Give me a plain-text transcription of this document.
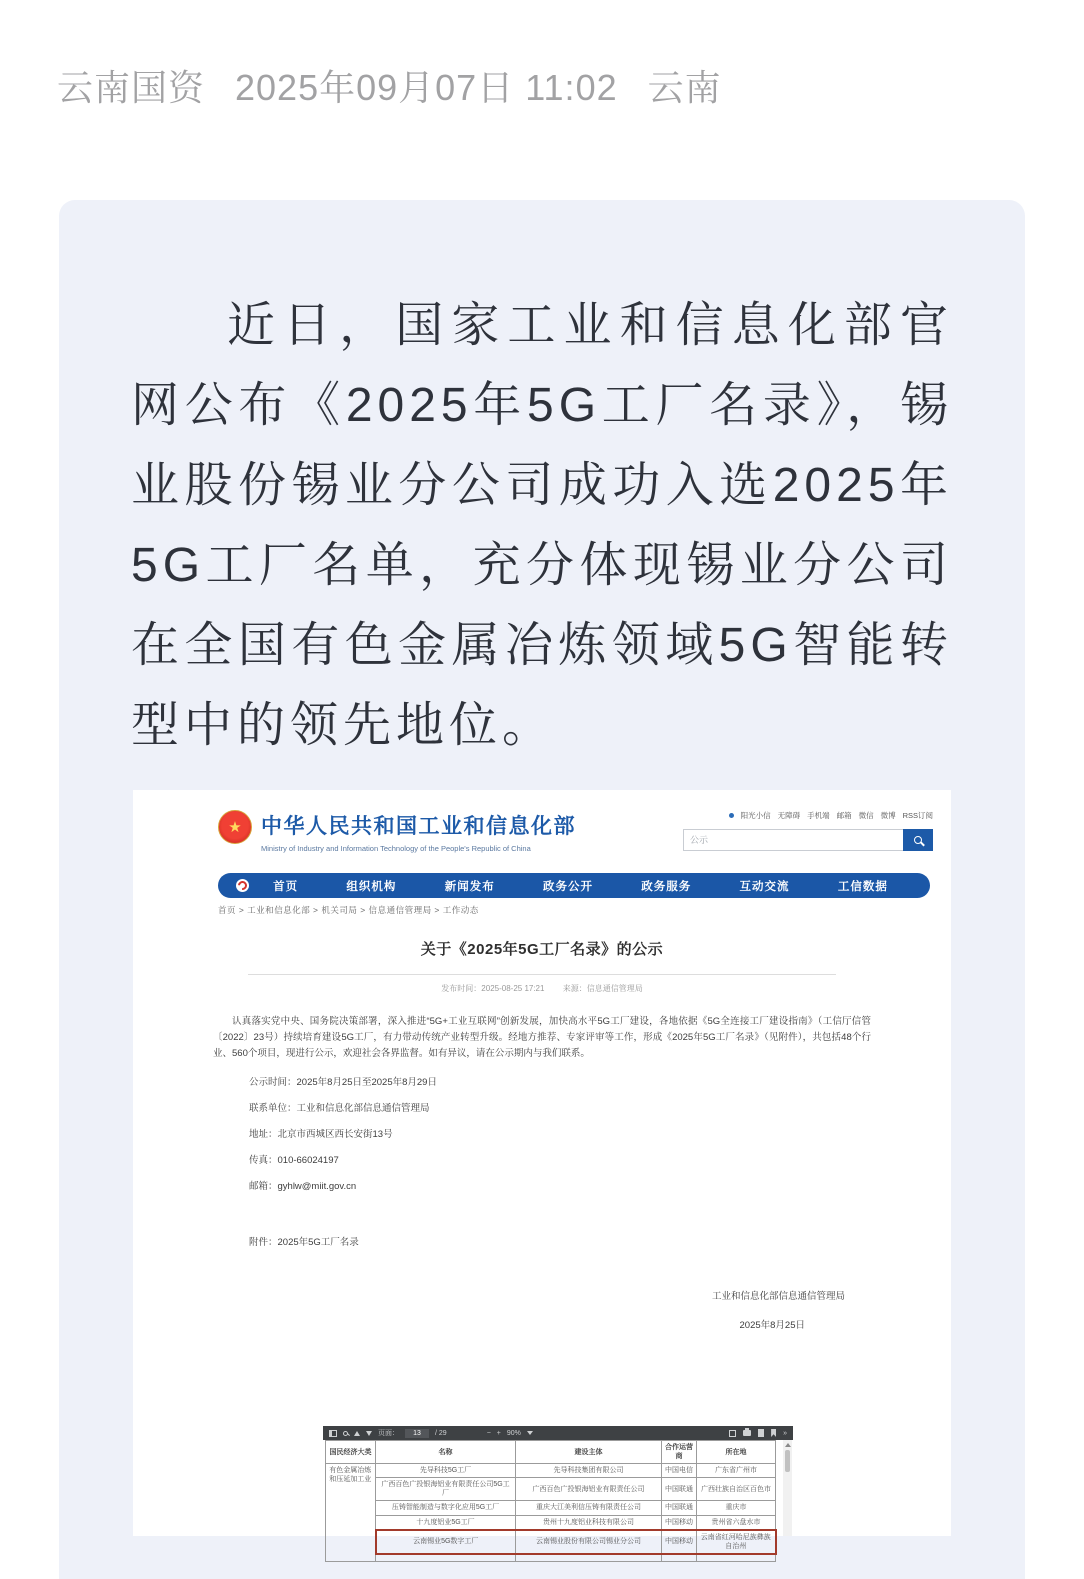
云南国资 2025年09月07日 11:02 云南
近日，国家工业和信息化部官网公布《2025年5G工厂名录》，锡业股份锡业分公司成功入选2025年5G工厂名单，充分体现锡业分公司在全国有色金属冶炼领域5G智能转型中的领先地位。
★ 中华人民共和国工业和信息化部
Ministry of Industry and Information Technology of the People's Republic of China
阳光小信 无障碍 手机端 邮箱 微信 微博 RSS订阅
公示
首页	组织机构	新闻发布	政务公开	政务服务	互动交流	工信数据
首页 > 工业和信息化部 > 机关司局 > 信息通信管理局 > 工作动态
关于《2025年5G工厂名录》的公示
发布时间：2025-08-25 17:21 来源：信息通信管理局
认真落实党中央、国务院决策部署，深入推进“5G+工业互联网”创新发展，加快高水平5G工厂建设，各地依据《5G全连接工厂建设指南》（工信厅信管〔2022〕23号）持续培育建设5G工厂，有力带动传统产业转型升级。经地方推荐、专家评审等工作，形成《2025年5G工厂名录》（见附件），共包括48个行业、560个项目，现进行公示，欢迎社会各界监督。如有异议，请在公示期内与我们联系。
公示时间：2025年8月25日至2025年8月29日
联系单位：工业和信息化部信息通信管理局
地址：北京市西城区西长安街13号
传真：010-66024197
邮箱：gyhlw@miit.gov.cn
附件：2025年5G工厂名录
工业和信息化部信息通信管理局
2025年8月25日
页面：
13	/ 29	− + 90%	»
国民经济大类	名称	建设主体	合作运营商	所在地
有色金属冶炼和压延加工业	先导科技5G工厂	先导科技集团有限公司	中国电信	广东省广州市
	广西百色广投银海铝业有限责任公司5G工厂	广西百色广投银海铝业有限责任公司	中国联通	广西壮族自治区百色市
	压铸智能制造与数字化应用5G工厂	重庆大江美利信压铸有限责任公司	中国联通	重庆市
	十九度铝业5G工厂	贵州十九度铝业科技有限公司	中国移动	贵州省六盘水市
	云南锡业5G数字工厂	云南锡业股份有限公司锡业分公司	中国移动	云南省红河哈尼族彝族自治州
